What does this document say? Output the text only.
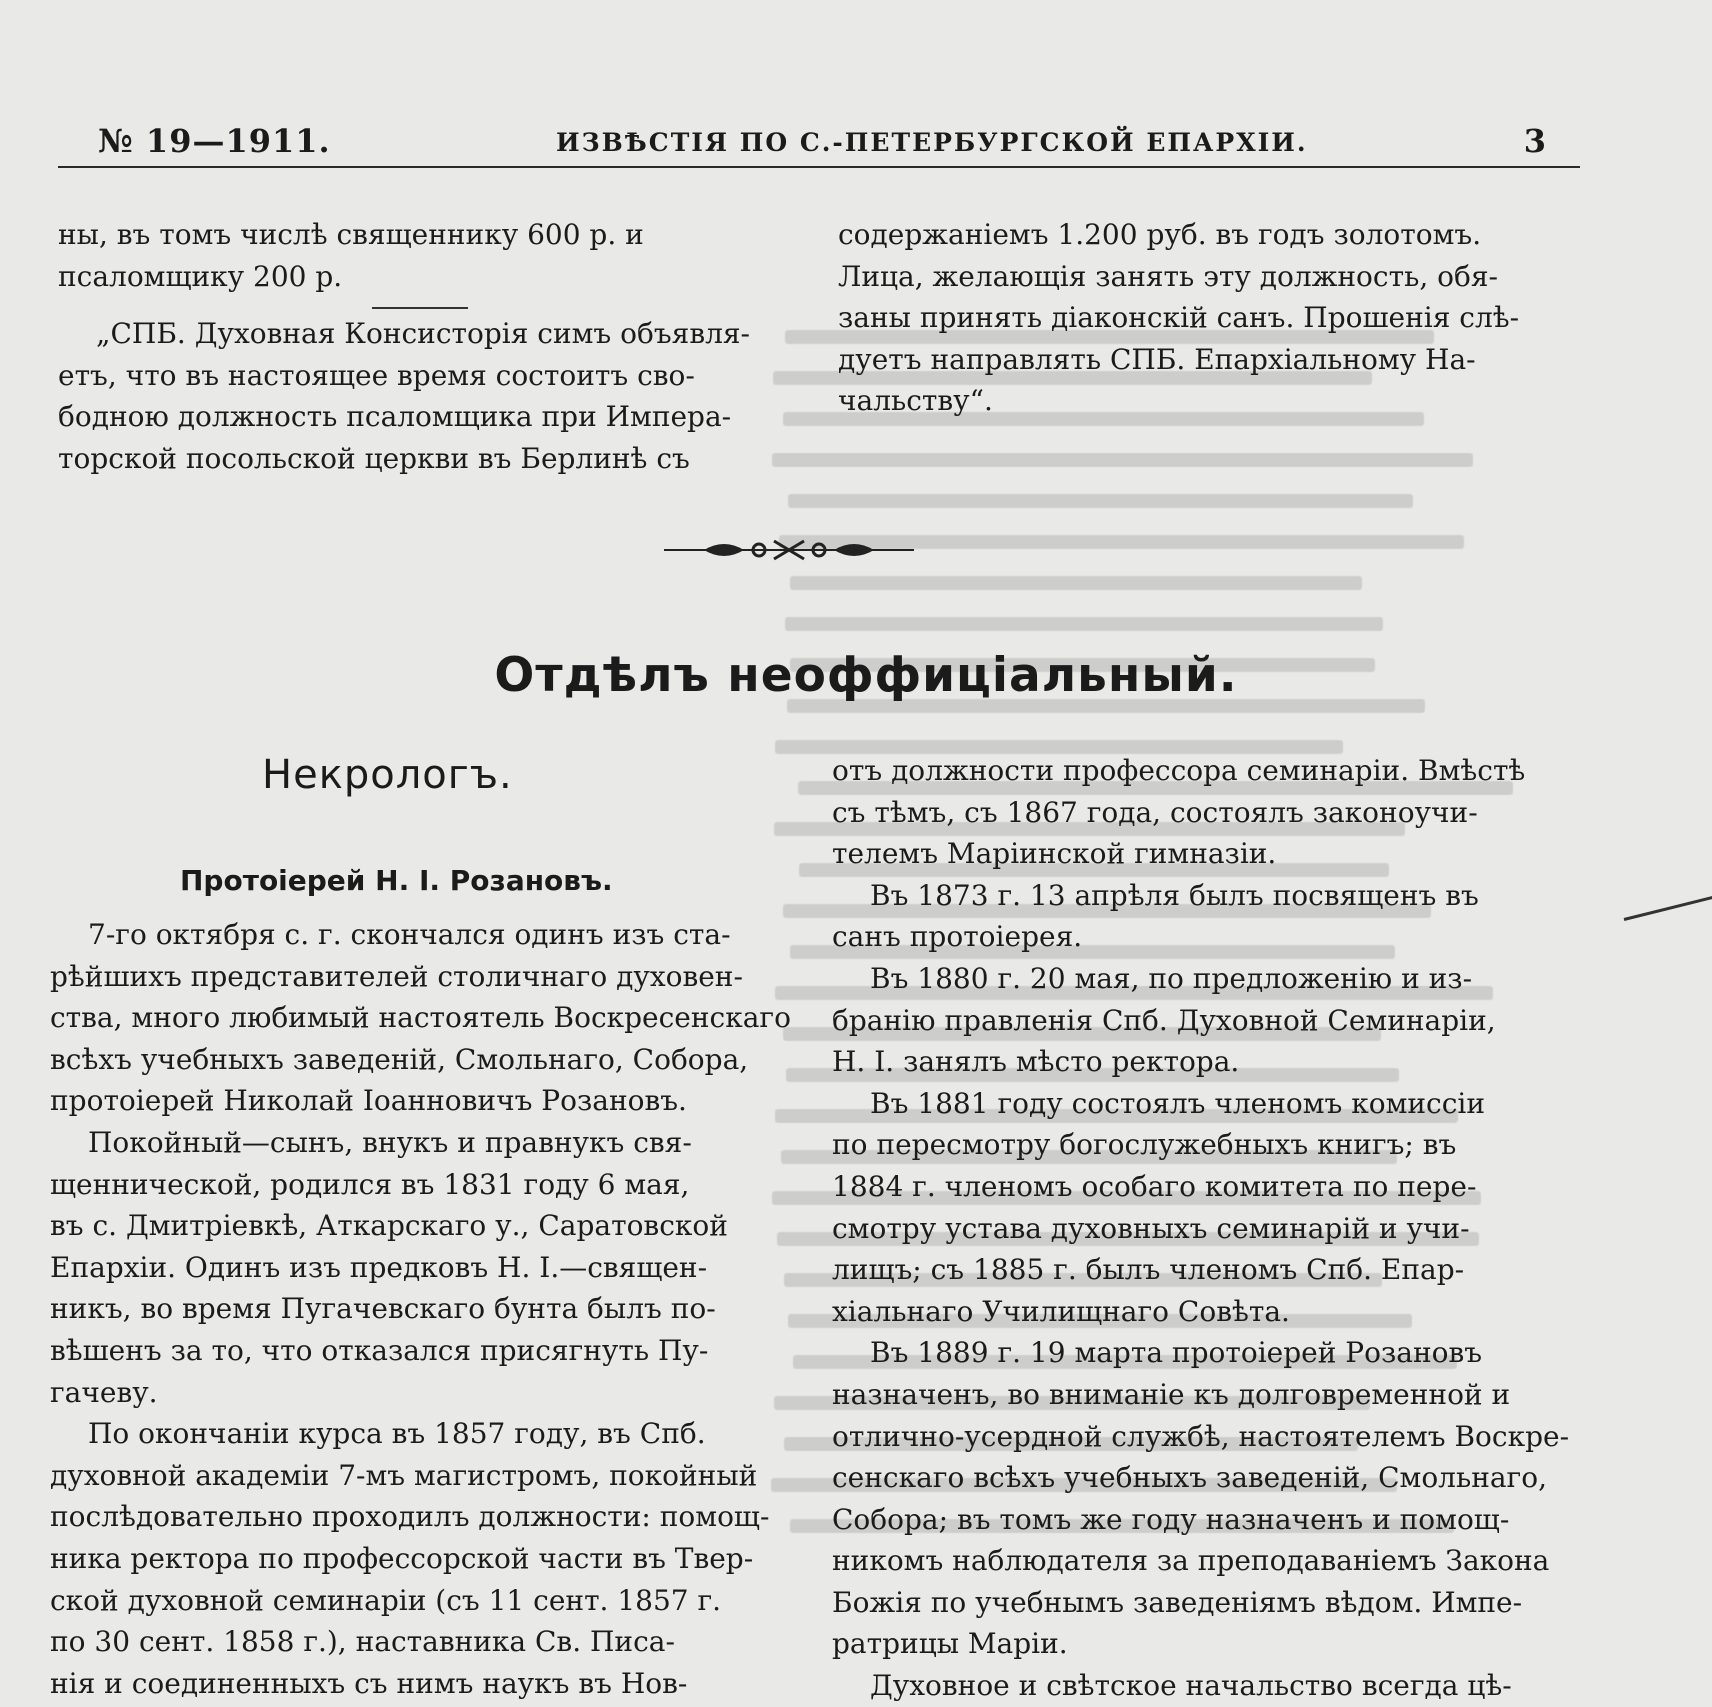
№ 19—1911.	ИЗВѢСТІЯ ПО С.-ПЕТЕРБУРГСКОЙ ЕПАРХІИ.	3

ны, въ томъ числѣ священнику 600 р. и

псаломщику 200 р.

„СПБ. Духовная Консисторія симъ объявля-

етъ, что въ настоящее время состоитъ сво-

бодною должность псаломщика при Импера-

торской посольской церкви въ Берлинѣ съ

содержаніемъ 1.200 руб. въ годъ золотомъ.

Лица, желающія занять эту должность, обя-

заны принять діаконскій санъ. Прошенія слѣ-

дуетъ направлять СПБ. Епархіальному На-

чальству“.

Отдѣлъ неоффиціальный.
Некрологъ.
Протоіерей Н. І. Розановъ.

7-го октября с. г. скончался одинъ изъ ста-

рѣйшихъ представителей столичнаго духовен-

ства, много любимый настоятель Воскресенскаго

всѣхъ учебныхъ заведеній, Смольнаго, Собора,

протоіерей Николай Іоанновичъ Розановъ.

Покойный—сынъ, внукъ и правнукъ свя-

щеннической, родился въ 1831 году 6 мая,

въ с. Дмитріевкѣ, Аткарскаго у., Саратовской

Епархіи. Одинъ изъ предковъ Н. І.—священ-

никъ, во время Пугачевскаго бунта былъ по-

вѣшенъ за то, что отказался присягнуть Пу-

гачеву.

По окончаніи курса въ 1857 году, въ Спб.

духовной академіи 7-мъ магистромъ, покойный

послѣдовательно проходилъ должности: помощ-

ника ректора по профессорской части въ Твер-

ской духовной семинаріи (съ 11 сент. 1857 г.

по 30 сент. 1858 г.), наставника Св. Писа-

нія и соединенныхъ съ нимъ наукъ въ Нов-

отъ должности профессора семинаріи. Вмѣстѣ

съ тѣмъ, съ 1867 года, состоялъ законоучи-

телемъ Маріинской гимназіи.

Въ 1873 г. 13 апрѣля былъ посвященъ въ

санъ протоіерея.

Въ 1880 г. 20 мая, по предложенію и из-

бранію правленія Спб. Духовной Семинаріи,

Н. І. занялъ мѣсто ректора.

Въ 1881 году состоялъ членомъ комиссіи

по пересмотру богослужебныхъ книгъ; въ

1884 г. членомъ особаго комитета по пере-

смотру устава духовныхъ семинарій и учи-

лищъ; съ 1885 г. былъ членомъ Спб. Епар-

хіальнаго Училищнаго Совѣта.

Въ 1889 г. 19 марта протоіерей Розановъ

назначенъ, во вниманіе къ долговременной и

отлично-усердной службѣ, настоятелемъ Воскре-

сенскаго всѣхъ учебныхъ заведеній, Смольнаго,

Собора; въ томъ же году назначенъ и помощ-

никомъ наблюдателя за преподаваніемъ Закона

Божія по учебнымъ заведеніямъ вѣдом. Импе-

ратрицы Маріи.

Духовное и свѣтское начальство всегда цѣ-
